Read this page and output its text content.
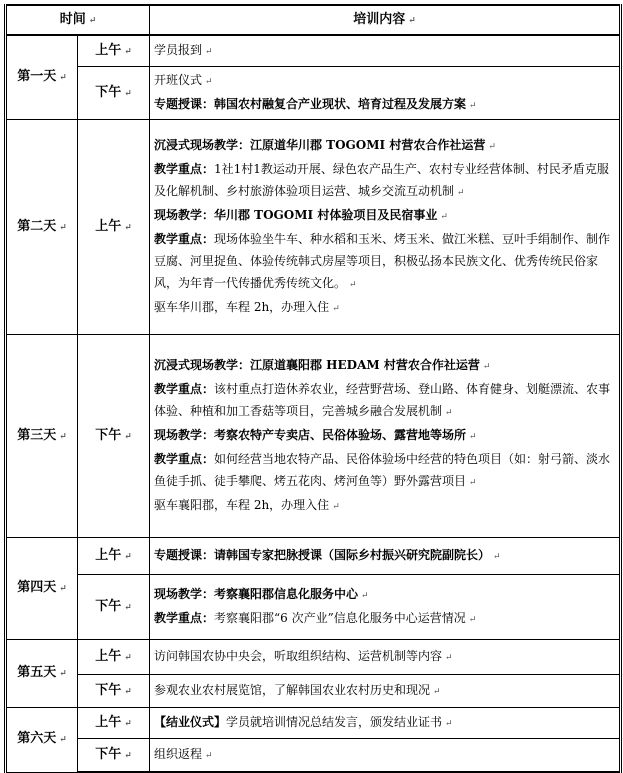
时间 ↵		培训内容 ↵
第一天 ↵	上午 ↵	学员报到 ↵

	下午 ↵	开班仪式 ↵

专题授课：韩国农村融复合产业现状、培育过程及发展方案 ↵

第二天 ↵	上午 ↵	沉浸式现场教学：江原道华川郡 TOGOMI 村营农合作社运营 ↵

教学重点：1社1村1教运动开展、绿色农产品生产、农村专业经营体制、村民矛盾克服及化解机制、乡村旅游体验项目运营、城乡交流互动机制 ↵

现场教学：华川郡 TOGOMI 村体验项目及民宿事业 ↵

教学重点：现场体验坐牛车、种水稻和玉米、烤玉米、做江米糕、豆叶手绢制作、制作豆腐、河里捉鱼、体验传统韩式房屋等项目，积极弘扬本民族文化、优秀传统民俗家风，为年青一代传播优秀传统文化。 ↵

驱车华川郡，车程 2h，办理入住 ↵

第三天 ↵	下午 ↵	沉浸式现场教学：江原道襄阳郡 HEDAM 村营农合作社运营 ↵

教学重点：该村重点打造休养农业，经营野营场、登山路、体育健身、划艇漂流、农事体验、种植和加工香菇等项目，完善城乡融合发展机制 ↵

现场教学：考察农特产专卖店、民俗体验场、露营地等场所 ↵

教学重点：如何经营当地农特产品、民俗体验场中经营的特色项目（如：射弓箭、淡水鱼徒手抓、徒手攀爬、烤五花肉、烤河鱼等）野外露营项目 ↵

驱车襄阳郡，车程 2h，办理入住 ↵

第四天 ↵	上午 ↵	专题授课：请韩国专家把脉授课（国际乡村振兴研究院副院长） ↵

	下午 ↵	现场教学：考察襄阳郡信息化服务中心 ↵

教学重点：考察襄阳郡“6 次产业”信息化服务中心运营情况 ↵

第五天 ↵	上午 ↵	访问韩国农协中央会，听取组织结构、运营机制等内容 ↵

	下午 ↵	参观农业农村展览馆，了解韩国农业农村历史和现况 ↵

第六天 ↵	上午 ↵	【结业仪式】学员就培训情况总结发言，颁发结业证书 ↵

	下午 ↵	组织返程 ↵
